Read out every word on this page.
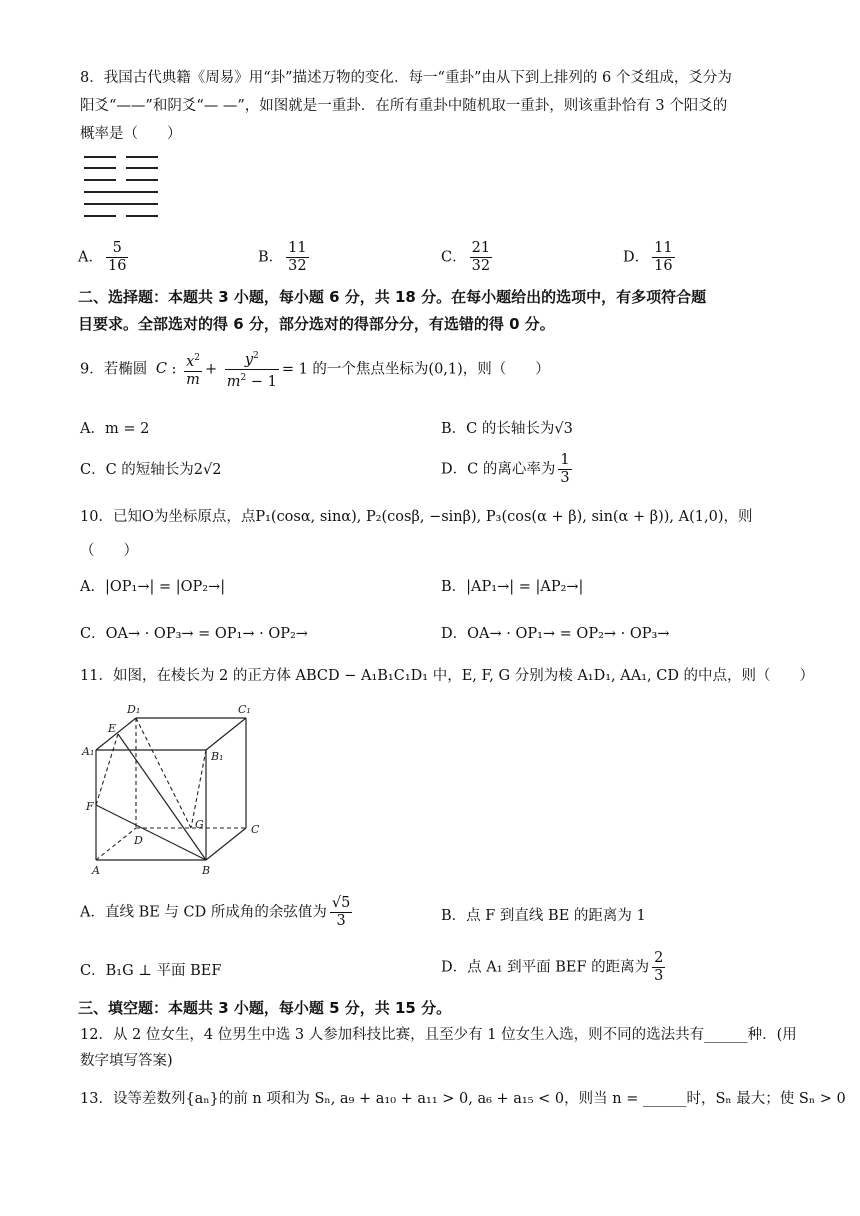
8．我国古代典籍《周易》用“卦”描述万物的变化．每一“重卦”由从下到上排列的 6 个爻组成，爻分为
阳爻“——”和阴爻“— —”，如图就是一重卦．在所有重卦中随机取一重卦，则该重卦恰有 3 个阳爻的
概率是（　　）
A． $\frac{5}{16}$	B． $\frac{11}{32}$	C． $\frac{21}{32}$	D． $\frac{11}{16}$
二、选择题：本题共 3 小题，每小题 6 分，共 18 分。在每小题给出的选项中，有多项符合题
目要求。全部选对的得 6 分，部分选对的得部分分，有选错的得 0 分。
9．若椭圆 C : $\frac{x^2}{m} + \frac{y^2}{m^2 - 1} = 1$ 的一个焦点坐标为(0,1)，则（　　）
A．m = 2	B．C 的长轴长为√3
C．C 的短轴长为2√2	D．C 的离心率为 $\frac{1}{3}$
10．已知O为坐标原点，点P₁(cosα, sinα), P₂(cosβ, −sinβ), P₃(cos(α + β), sin(α + β)), A(1,0)，则
（　　）
A．|OP₁→| = |OP₂→|	B．|AP₁→| = |AP₂→|
C．OA→ · OP₃→ = OP₁→ · OP₂→	D．OA→ · OP₁→ = OP₂→ · OP₃→
11．如图，在棱长为 2 的正方体 ABCD − A₁B₁C₁D₁ 中，E, F, G 分别为棱 A₁D₁, AA₁, CD 的中点，则（　　）
D₁	C₁
E
A₁	B₁
F
G	C
D
A	B
A．直线 BE 与 CD 所成角的余弦值为 $\frac{√5}{3}$	B．点 F 到直线 BE 的距离为 1
C．B₁G ⊥ 平面 BEF	D．点 A₁ 到平面 BEF 的距离为 $\frac{2}{3}$
三、填空题：本题共 3 小题，每小题 5 分，共 15 分。
12．从 2 位女生，4 位男生中选 3 人参加科技比赛，且至少有 1 位女生入选，则不同的选法共有______种．(用
数字填写答案)
13．设等差数列{aₙ}的前 n 项和为 Sₙ, a₉ + a₁₀ + a₁₁ > 0, a₆ + a₁₅ < 0，则当 n = ______时，Sₙ 最大；使 Sₙ > 0
